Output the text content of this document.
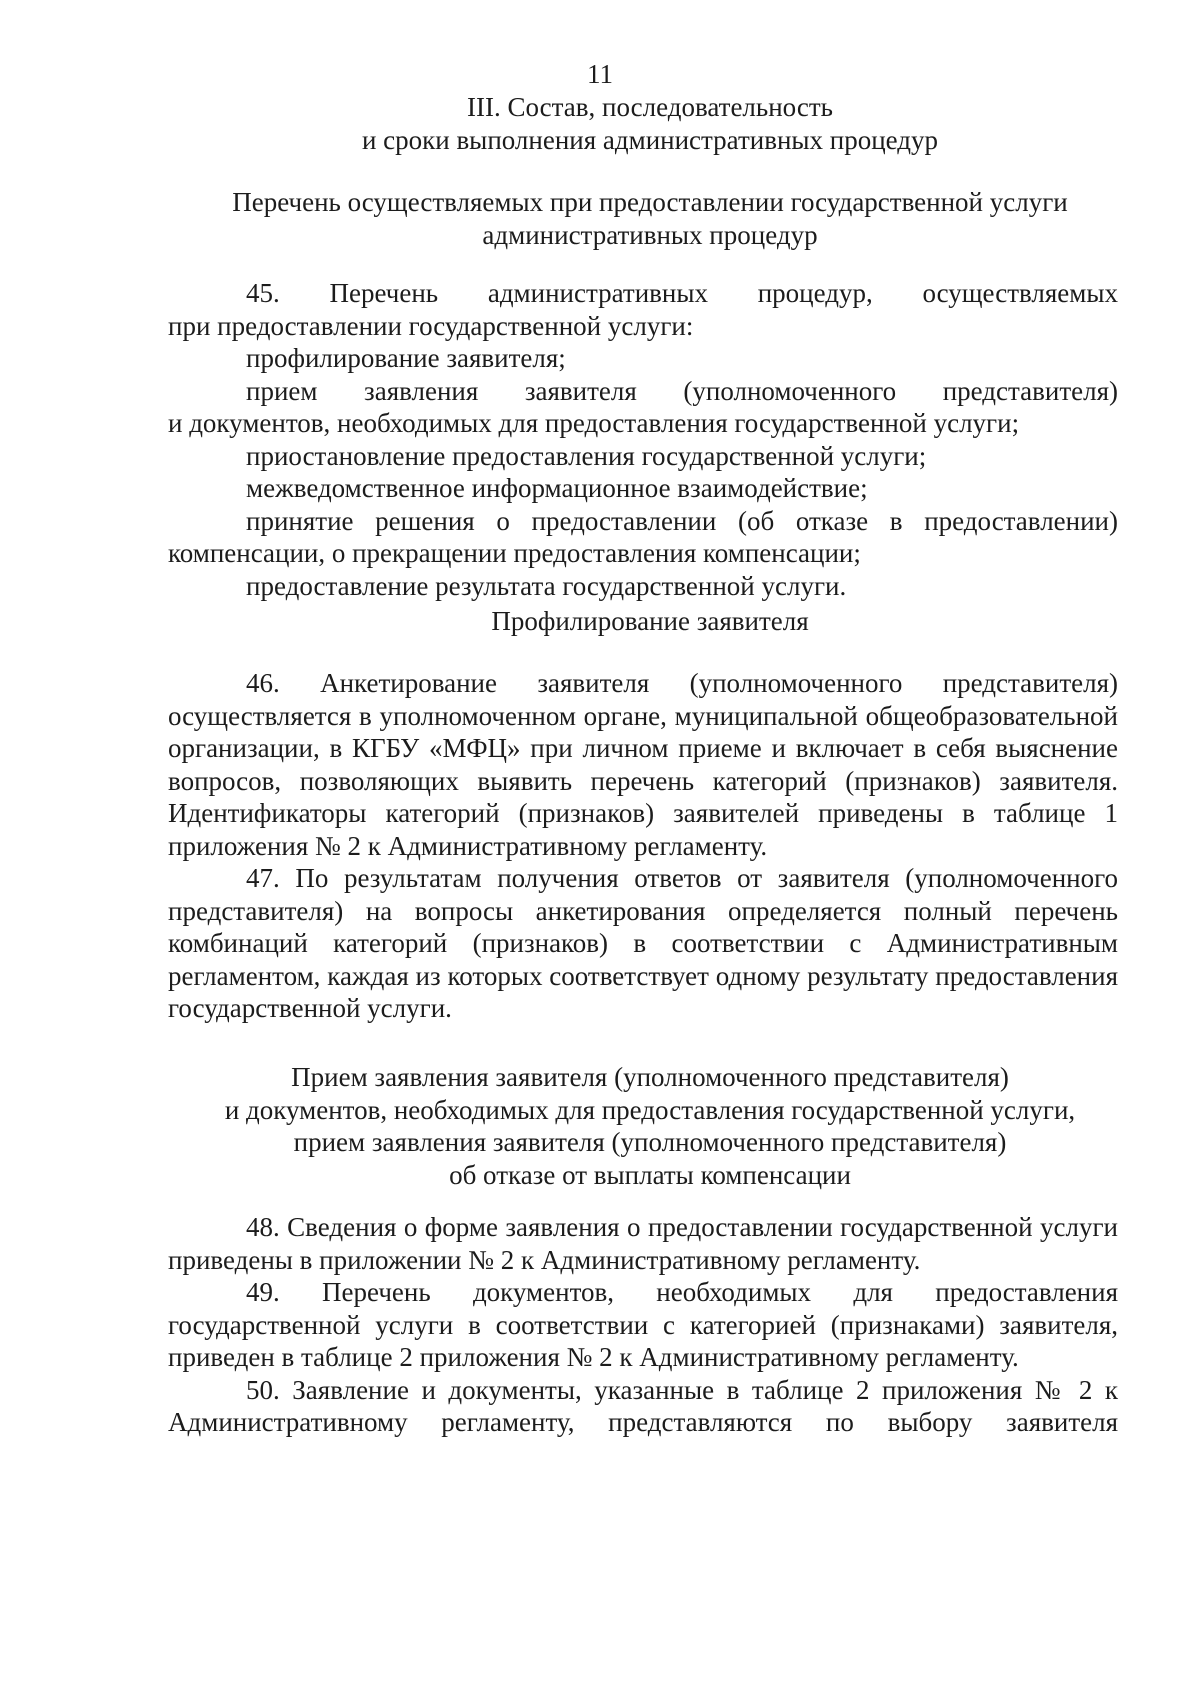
11
III. Состав, последовательность
и сроки выполнения административных процедур
Перечень осуществляемых при предоставлении государственной услуги
административных процедур
45. Перечень административных процедур, осуществляемых
при предоставлении государственной услуги:
профилирование заявителя;
прием заявления заявителя (уполномоченного представителя)
и документов, необходимых для предоставления государственной услуги;
приостановление предоставления государственной услуги;
межведомственное информационное взаимодействие;
принятие решения о предоставлении (об отказе в предоставлении)
компенсации, о прекращении предоставления компенсации;
предоставление результата государственной услуги.
Профилирование заявителя

46. Анкетирование заявителя (уполномоченного представителя) осуществляется в уполномоченном органе, муниципальной общеобразовательной организации, в КГБУ «МФЦ» при личном приеме и включает в себя выяснение вопросов, позволяющих выявить перечень категорий (признаков) заявителя. Идентификаторы категорий (признаков) заявителей приведены в таблице 1 приложения № 2 к Административному регламенту.

47. По результатам получения ответов от заявителя (уполномоченного представителя) на вопросы анкетирования определяется полный перечень комбинаций категорий (признаков) в соответствии с Административным регламентом, каждая из которых соответствует одному результату предоставления государственной услуги.

Прием заявления заявителя (уполномоченного представителя)
и документов, необходимых для предоставления государственной услуги,
прием заявления заявителя (уполномоченного представителя)
об отказе от выплаты компенсации

48. Сведения о форме заявления о предоставлении государственной услуги приведены в приложении № 2 к Административному регламенту.

49. Перечень документов, необходимых для предоставления государственной услуги в соответствии с категорией (признаками) заявителя, приведен в таблице 2 приложения № 2 к Административному регламенту.

50. Заявление и документы, указанные в таблице 2 приложения № 2 к Административному регламенту, представляются по выбору заявителя
